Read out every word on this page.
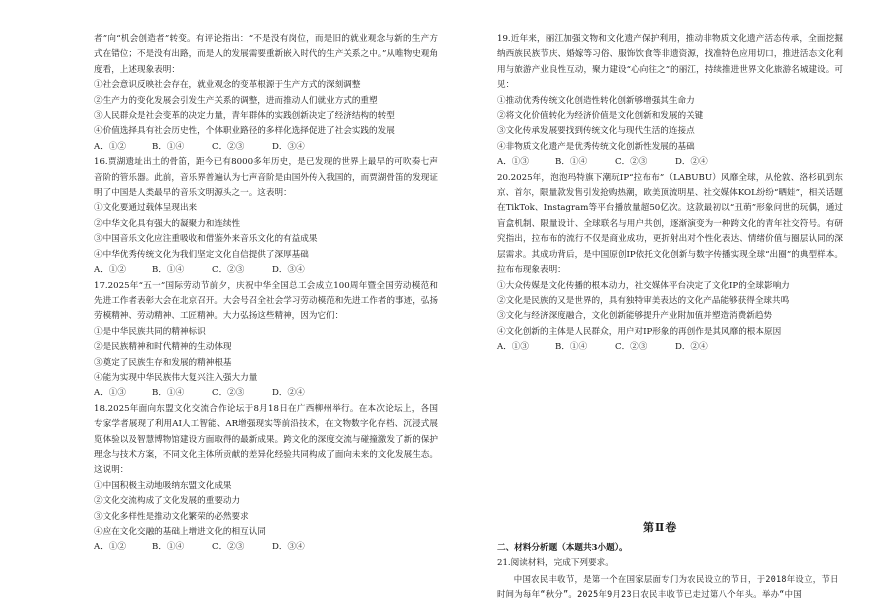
者”向“机会创造者”转变。有评论指出：“不是没有岗位，而是旧的就业观念与新的生产方式在错位；不是没有出路，而是人的发展需要重新嵌入时代的生产关系之中。”从唯物史观角度看，上述现象表明：

①社会意识反映社会存在，就业观念的变革根源于生产方式的深刻调整

②生产力的变化发展会引发生产关系的调整，进而推动人们就业方式的重塑

③人民群众是社会变革的决定力量，青年群体的实践创新决定了经济结构的转型

④价值选择具有社会历史性，个体职业路径的多样化选择促进了社会实践的发展

A．①②	B．①④	C．②③	D．③④

16.贾湖遗址出土的骨笛，距今已有8000多年历史，是已发现的世界上最早的可吹奏七声音阶的管乐器。此前，音乐界普遍认为七声音阶是由国外传入我国的，而贾湖骨笛的发现证明了中国是人类最早的音乐文明源头之一。这表明：

①文化要通过载体呈现出来

②中华文化具有强大的凝聚力和连续性

③中国音乐文化应注重吸收和借鉴外来音乐文化的有益成果

④中华优秀传统文化为我们坚定文化自信提供了深厚基础

A．①②	B．①④	C．②③	D．③④

17.2025年“五一”国际劳动节前夕，庆祝中华全国总工会成立100周年暨全国劳动模范和先进工作者表彰大会在北京召开。大会号召全社会学习劳动模范和先进工作者的事迹，弘扬劳模精神、劳动精神、工匠精神。大力弘扬这些精神，因为它们：

①是中华民族共同的精神标识

②是民族精神和时代精神的生动体现

③奠定了民族生存和发展的精神根基

④能为实现中华民族伟大复兴注入强大力量

A．①③	B．①④	C．②③	D．②④

18.2025年面向东盟文化交流合作论坛于8月18日在广西柳州举行。在本次论坛上，各国专家学者展现了利用AI人工智能、AR增强现实等前沿技术，在文物数字化存档、沉浸式展览体验以及智慧博物馆建设方面取得的最新成果。跨文化的深度交流与碰撞激发了新的保护理念与技术方案，不同文化主体所贡献的差异化经验共同构成了面向未来的文化发展生态。这说明：

①中国积极主动地吸纳东盟文化成果

②文化交流构成了文化发展的重要动力

③文化多样性是推动文化繁荣的必然要求

④应在文化交融的基础上增进文化的相互认同

A．①②	B．①④	C．②③	D．③④

19.近年来，丽江加强文物和文化遗产保护利用，推动非物质文化遗产活态传承，全面挖掘纳西族民族节庆、婚嫁等习俗、服饰饮食等非遗资源，找准特色应用切口，推进活态文化利用与旅游产业良性互动，聚力建设“心向往之”的丽江，持续推进世界文化旅游名城建设。可见：

①推动优秀传统文化创造性转化创新够增强其生命力

②将文化价值转化为经济价值是文化创新和发展的关键

③文化传承发展要找到传统文化与现代生活的连接点

④非物质文化遗产是优秀传统文化创新性发展的基础

A．①③	B．①④	C．②③	D．②④

20.2025年，泡泡玛特旗下潮玩IP“拉布布”（LABUBU）风靡全球，从伦敦、洛杉矶到东京、首尔，限量款发售引发抢购热潮，欧美顶流明星、社交媒体KOL纷纷“晒娃”，相关话题在TikTok、Instagram等平台播放量超50亿次。这款最初以“丑萌”形象问世的玩偶，通过盲盒机制、限量设计、全球联名与用户共创，逐渐演变为一种跨文化的青年社交符号。有研究指出，拉布布的流行不仅是商业成功，更折射出对个性化表达、情绪价值与圈层认同的深层需求。其成功背后，是中国原创IP依托文化创新与数字传播实现全球“出圈”的典型样本。拉布布现象表明：

①大众传媒是文化传播的根本动力，社交媒体平台决定了文化IP的全球影响力

②文化是民族的又是世界的，具有独特审美表达的文化产品能够获得全球共鸣

③文化与经济深度融合，文化创新能够提升产业附加值并塑造消费新趋势

④文化创新的主体是人民群众，用户对IP形象的再创作是其风靡的根本原因

A．①③	B．①④	C．②③	D．②④

第Ⅱ卷
二、材料分析题（本题共3小题）。
21.阅读材料，完成下列要求。

中国农民丰收节，是第一个在国家层面专门为农民设立的节日，于2018年设立，节日时间为每年“秋分”。2025年9月23日农民丰收节已走过第八个年头。举办“中国
